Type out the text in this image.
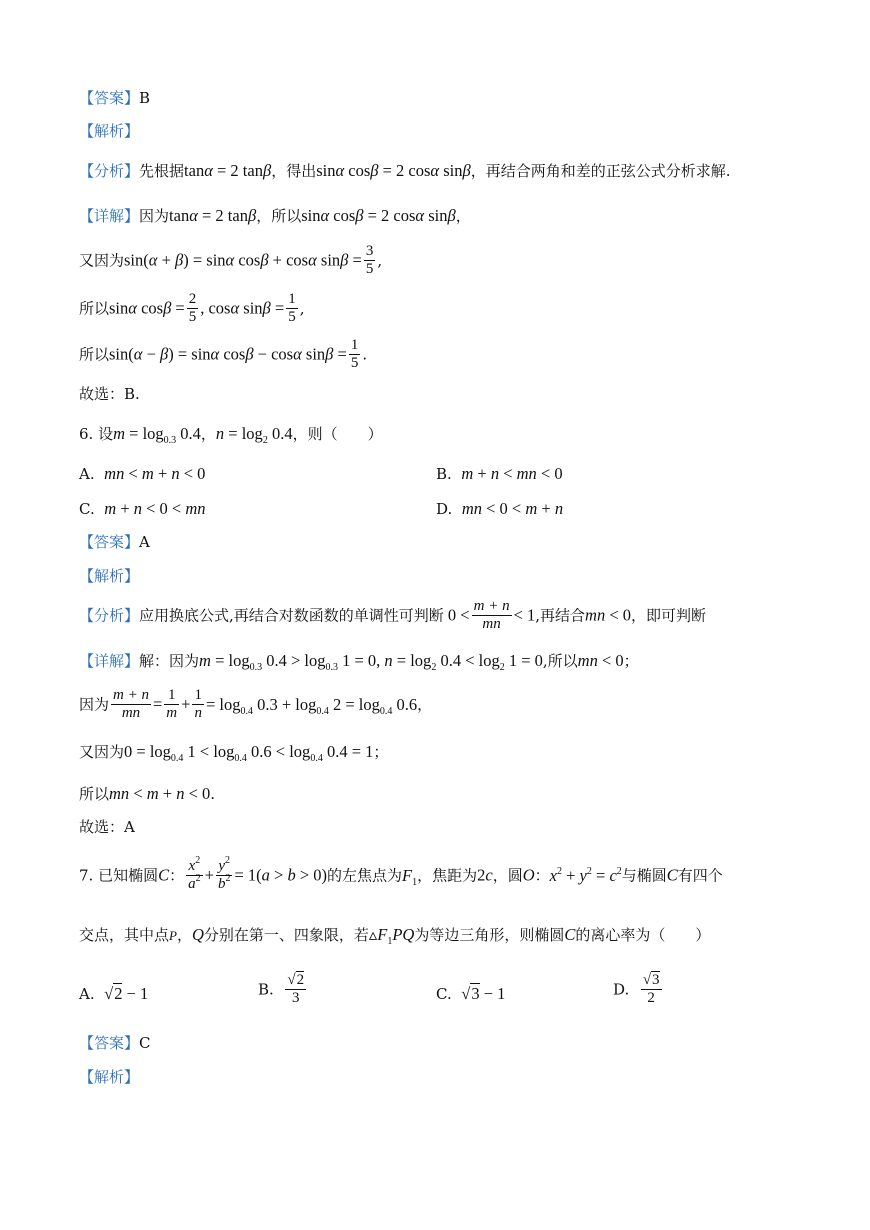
【答案】B
【解析】
【分析】先根据tanα = 2 tanβ，得出sinα cosβ = 2 cosα sinβ，再结合两角和差的正弦公式分析求解.
【详解】因为tanα = 2 tanβ，所以sinα cosβ = 2 cosα sinβ，
又因为sin(α + β) = sinα cosβ + cosα $\sin\beta = \frac{3}{5}$ ,
所以sinα $\cos\beta = \frac{2}{5}$ , cosα $\sin\beta = \frac{1}{5}$ ,
所以sin(α − β) = sinα cosβ − cosα $\sin\beta = \frac{1}{5}$ .
故选：B.
6. 设$m = \log_{0.3} 0.4$，$n = \log_2 0.4$，则（　　）
A. mn < m + n < 0	B. m + n < mn < 0
C. m + n < 0 < mn	D. mn < 0 < m + n
【答案】A
【解析】
【分析】应用换底公式,再结合对数函数的单调性可判断 $0 < \frac{m + n}{mn} < 1$,再结合mn < 0，即可判断
【详解】解：因为$m = \log_{0.3} 0.4 > \log_{0.3} 1 = 0$, $n = \log_2 0.4 < \log_2 1 = 0$,所以mn < 0；
因为 $\frac{m + n}{mn} = \frac{1}{m} + \frac{1}{n} = \log_{0.4} 0.3 + \log_{0.4} 2 = \log_{0.4} 0.6$，
又因为$0 = \log_{0.4} 1 < \log_{0.4} 0.6 < \log_{0.4} 0.4 = 1$；
所以mn < m + n < 0.
故选：A
7. 已知椭圆C： $\frac{x^2}{a^2} + \frac{y^2}{b^2} = 1(a > b > 0)$的左焦点为$F_1$，焦距为2c，圆O：$x^2 + y^2 = c^2$与椭圆C有四个
交点，其中点P，Q分别在第一、四象限，若$▵F_1PQ$为等边三角形，则椭圆C的离心率为（　　）
A. √2 − 1	B. $\frac{√2}{3}$	C. √3 − 1	D. $\frac{√3}{2}$
【答案】C
【解析】
